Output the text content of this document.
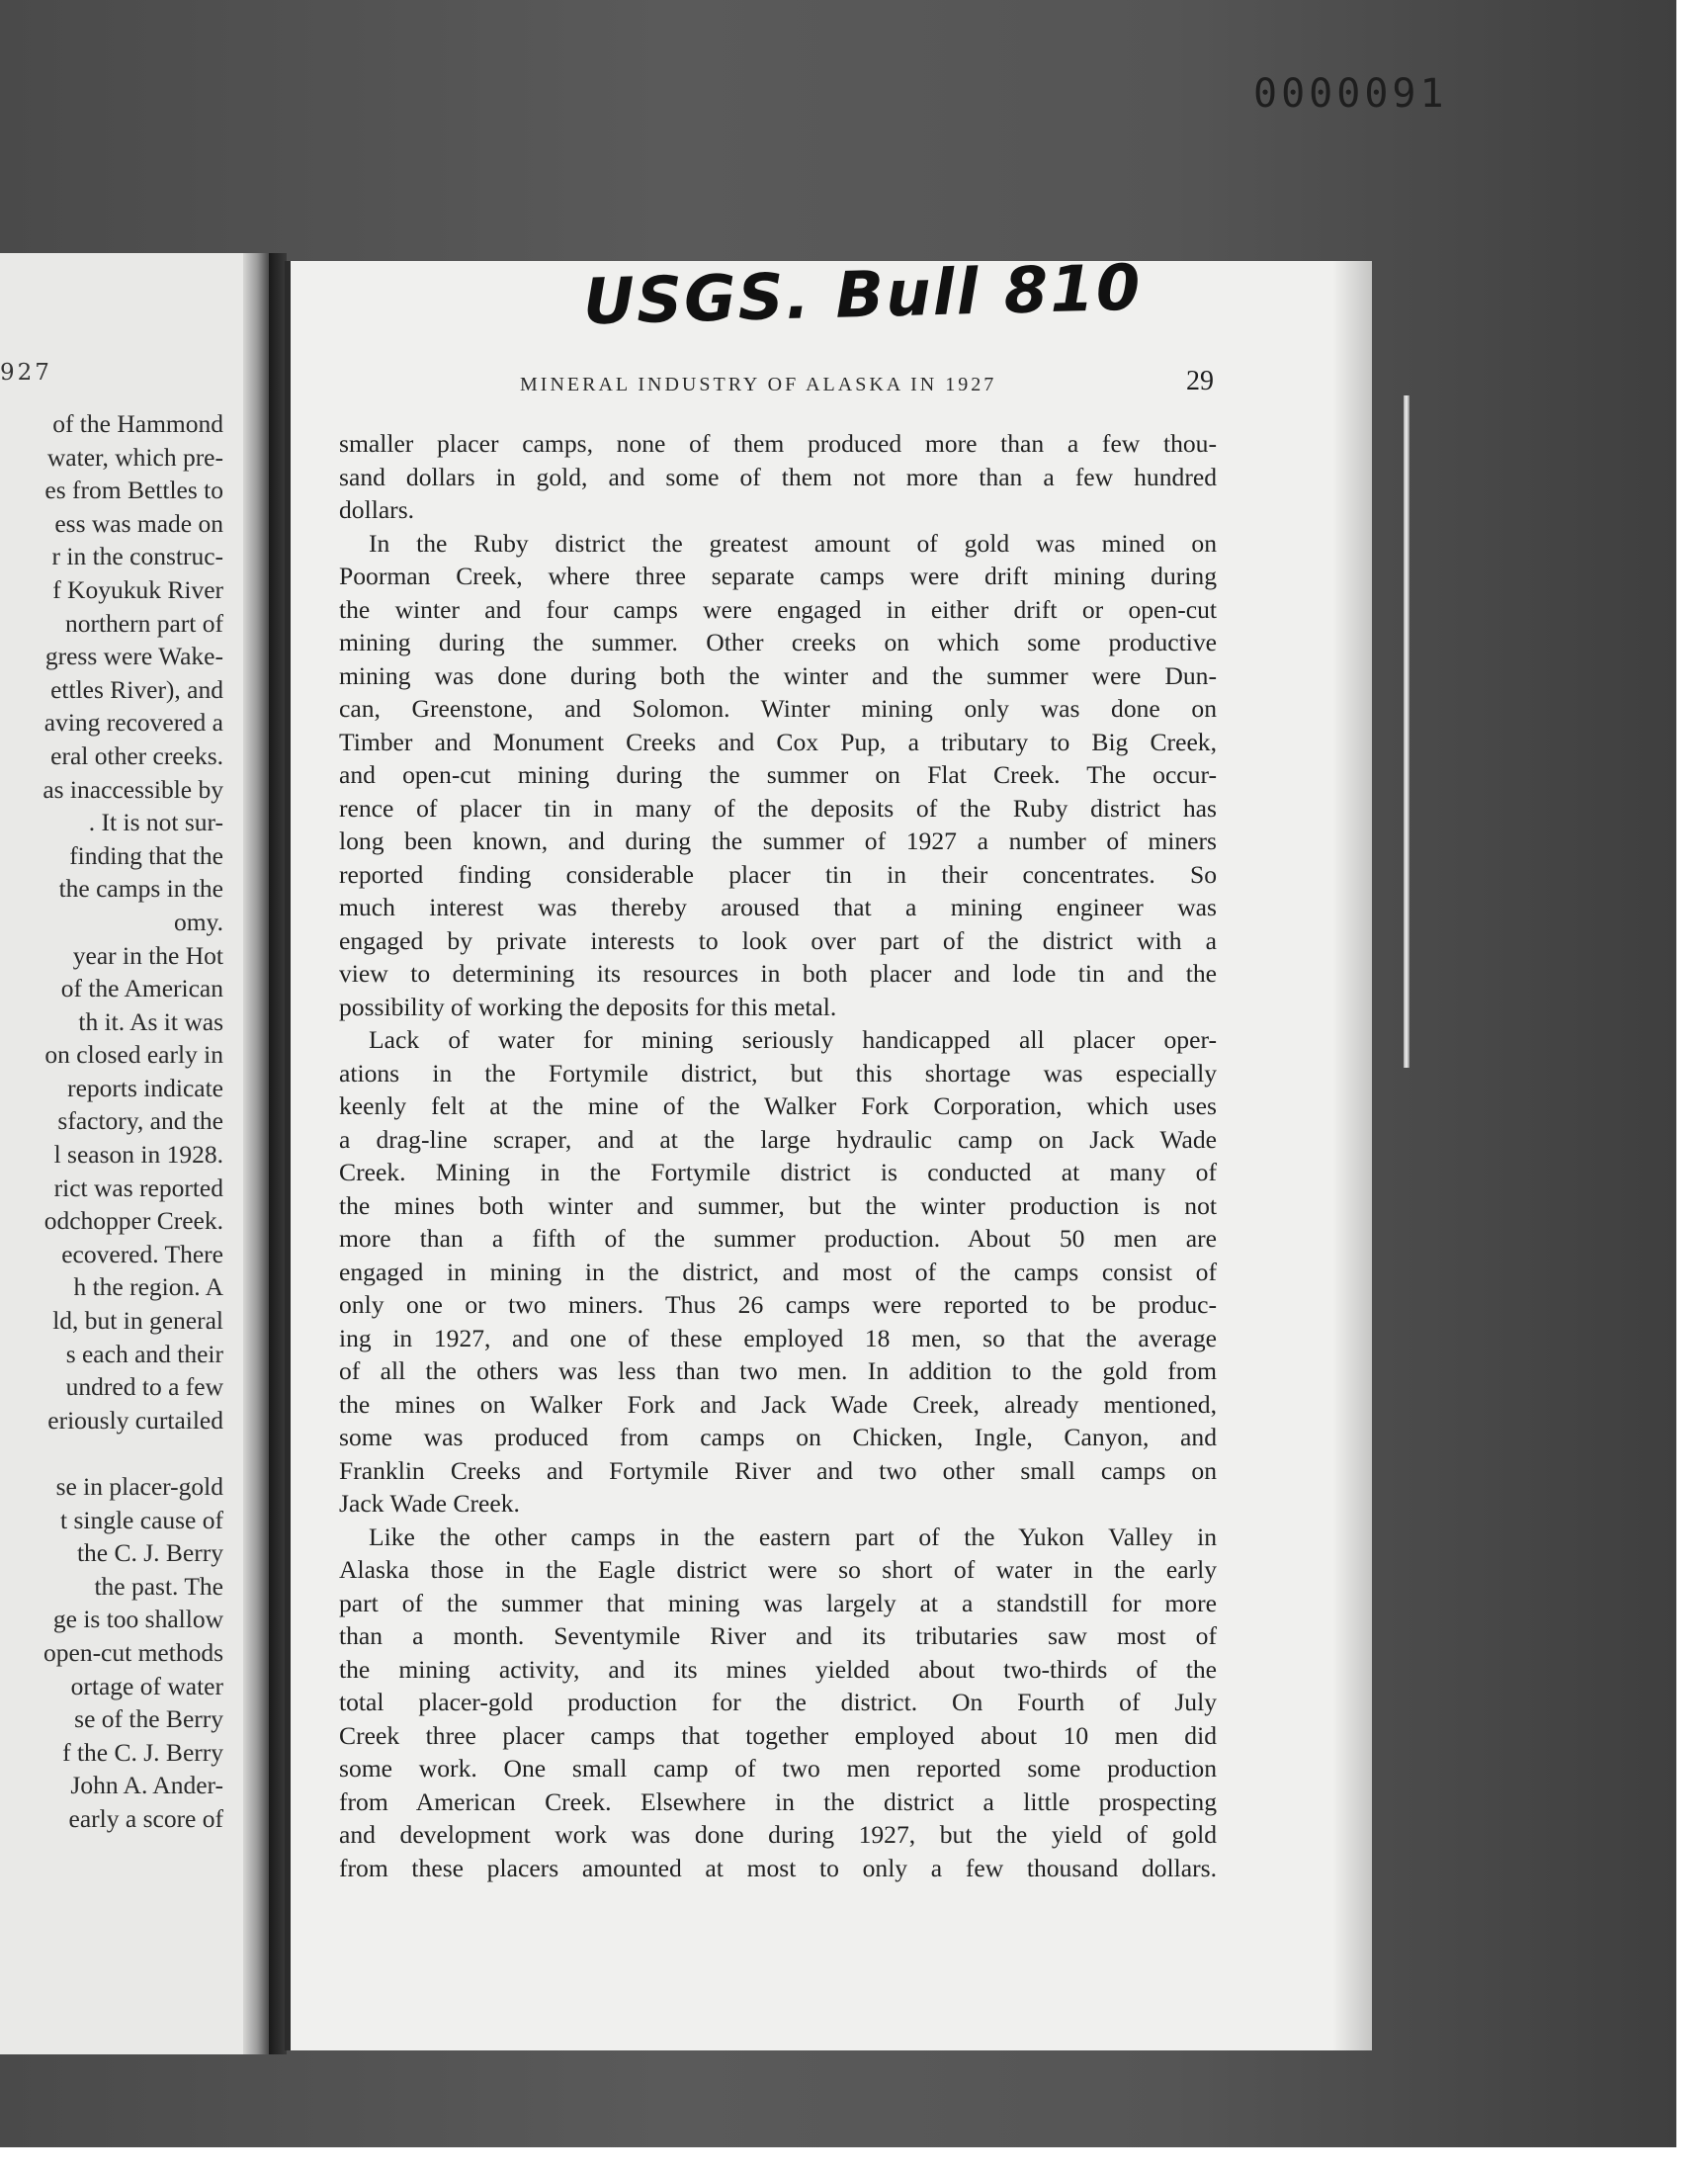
0000091
927
of the Hammond
water, which pre-
es from Bettles to
ess was made on
r in the construc-
f Koyukuk River
northern part of
gress were Wake-
ettles River), and
aving recovered a
eral other creeks.
as inaccessible by
. It is not sur-
finding that the
the camps in the
omy.
year in the Hot
of the American
th it. As it was
on closed early in
reports indicate
sfactory, and the
l season in 1928.
rict was reported
odchopper Creek.
ecovered. There
h the region. A
ld, but in general
s each and their
undred to a few
eriously curtailed
se in placer-gold
t single cause of
the C. J. Berry
the past. The
ge is too shallow
open-cut methods
ortage of water
se of the Berry
f the C. J. Berry
John A. Ander-
early a score of
USGS. Bull 810
MINERAL INDUSTRY OF ALASKA IN 1927	29
smaller placer camps, none of them produced more than a few thou-
sand dollars in gold, and some of them not more than a few hundred
dollars.
In the Ruby district the greatest amount of gold was mined on
Poorman Creek, where three separate camps were drift mining during
the winter and four camps were engaged in either drift or open-cut
mining during the summer. Other creeks on which some productive
mining was done during both the winter and the summer were Dun-
can, Greenstone, and Solomon. Winter mining only was done on
Timber and Monument Creeks and Cox Pup, a tributary to Big Creek,
and open-cut mining during the summer on Flat Creek. The occur-
rence of placer tin in many of the deposits of the Ruby district has
long been known, and during the summer of 1927 a number of miners
reported finding considerable placer tin in their concentrates. So
much interest was thereby aroused that a mining engineer was
engaged by private interests to look over part of the district with a
view to determining its resources in both placer and lode tin and the
possibility of working the deposits for this metal.
Lack of water for mining seriously handicapped all placer oper-
ations in the Fortymile district, but this shortage was especially
keenly felt at the mine of the Walker Fork Corporation, which uses
a drag-line scraper, and at the large hydraulic camp on Jack Wade
Creek. Mining in the Fortymile district is conducted at many of
the mines both winter and summer, but the winter production is not
more than a fifth of the summer production. About 50 men are
engaged in mining in the district, and most of the camps consist of
only one or two miners. Thus 26 camps were reported to be produc-
ing in 1927, and one of these employed 18 men, so that the average
of all the others was less than two men. In addition to the gold from
the mines on Walker Fork and Jack Wade Creek, already mentioned,
some was produced from camps on Chicken, Ingle, Canyon, and
Franklin Creeks and Fortymile River and two other small camps on
Jack Wade Creek.
Like the other camps in the eastern part of the Yukon Valley in
Alaska those in the Eagle district were so short of water in the early
part of the summer that mining was largely at a standstill for more
than a month. Seventymile River and its tributaries saw most of
the mining activity, and its mines yielded about two-thirds of the
total placer-gold production for the district. On Fourth of July
Creek three placer camps that together employed about 10 men did
some work. One small camp of two men reported some production
from American Creek. Elsewhere in the district a little prospecting
and development work was done during 1927, but the yield of gold
from these placers amounted at most to only a few thousand dollars.
